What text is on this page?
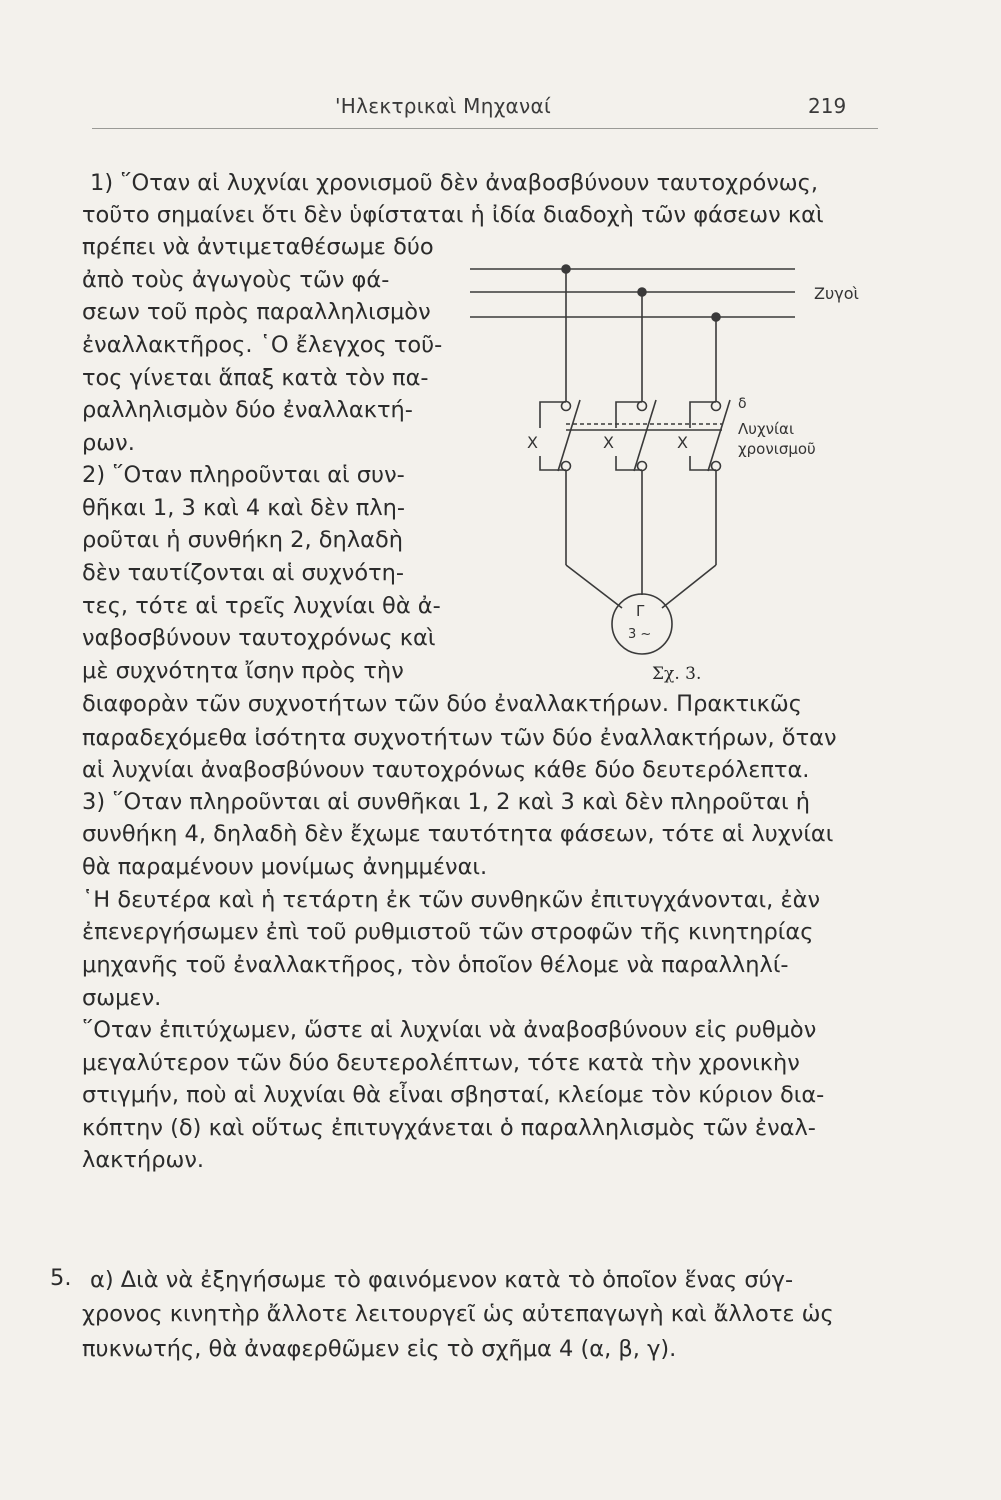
'Ηλεκτρικαὶ Μηχαναί	219
Ζυγοὶ
δ
Λυχνίαι
χρονισμοῦ
X	X	X
Γ
3 ~
Σχ. 3.
1) ῞Οταν αἱ λυχνίαι χρονισμοῦ δὲν ἀναβοσβύνουν ταυτοχρόνως,
τοῦτο σημαίνει ὅτι δὲν ὑφίσταται ἡ ἰδία διαδοχὴ τῶν φάσεων καὶ
πρέπει νὰ ἀντιμεταθέσωμε δύο
ἀπὸ τοὺς ἀγωγοὺς τῶν φά-
σεων τοῦ πρὸς παραλληλισμὸν
ἐναλλακτῆρος. ῾Ο ἔλεγχος τοῦ-
τος γίνεται ἅπαξ κατὰ τὸν πα-
ραλληλισμὸν δύο ἐναλλακτή-
ρων.
2) ῞Οταν πληροῦνται αἱ συν-
θῆκαι 1, 3 καὶ 4 καὶ δὲν πλη-
ροῦται ἡ συνθήκη 2, δηλαδὴ
δὲν ταυτίζονται αἱ συχνότη-
τες, τότε αἱ τρεῖς λυχνίαι θὰ ἀ-
ναβοσβύνουν ταυτοχρόνως καὶ
μὲ συχνότητα ἴσην πρὸς τὴν
διαφορὰν τῶν συχνοτήτων τῶν δύο ἐναλλακτήρων. Πρακτικῶς
παραδεχόμεθα ἰσότητα συχνοτήτων τῶν δύο ἐναλλακτήρων, ὅταν
αἱ λυχνίαι ἀναβοσβύνουν ταυτοχρόνως κάθε δύο δευτερόλεπτα.
3) ῞Οταν πληροῦνται αἱ συνθῆκαι 1, 2 καὶ 3 καὶ δὲν πληροῦται ἡ
συνθήκη 4, δηλαδὴ δὲν ἔχωμε ταυτότητα φάσεων, τότε αἱ λυχνίαι
θὰ παραμένουν μονίμως ἀνημμέναι.
῾Η δευτέρα καὶ ἡ τετάρτη ἐκ τῶν συνθηκῶν ἐπιτυγχάνονται, ἐὰν
ἐπενεργήσωμεν ἐπὶ τοῦ ρυθμιστοῦ τῶν στροφῶν τῆς κινητηρίας
μηχανῆς τοῦ ἐναλλακτῆρος, τὸν ὁποῖον θέλομε νὰ παραλληλί-
σωμεν.
῞Οταν ἐπιτύχωμεν, ὥστε αἱ λυχνίαι νὰ ἀναβοσβύνουν εἰς ρυθμὸν
μεγαλύτερον τῶν δύο δευτερολέπτων, τότε κατὰ τὴν χρονικὴν
στιγμήν, ποὺ αἱ λυχνίαι θὰ εἶναι σβησταί, κλείομε τὸν κύριον δια-
κόπτην (δ) καὶ οὕτως ἐπιτυγχάνεται ὁ παραλληλισμὸς τῶν ἐναλ-
λακτήρων.
5. α) Διὰ νὰ ἐξηγήσωμε τὸ φαινόμενον κατὰ τὸ ὁποῖον ἕνας σύγ-
χρονος κινητὴρ ἄλλοτε λειτουργεῖ ὡς αὐτεπαγωγὴ καὶ ἄλλοτε ὡς
πυκνωτής, θὰ ἀναφερθῶμεν εἰς τὸ σχῆμα 4 (α, β, γ).
